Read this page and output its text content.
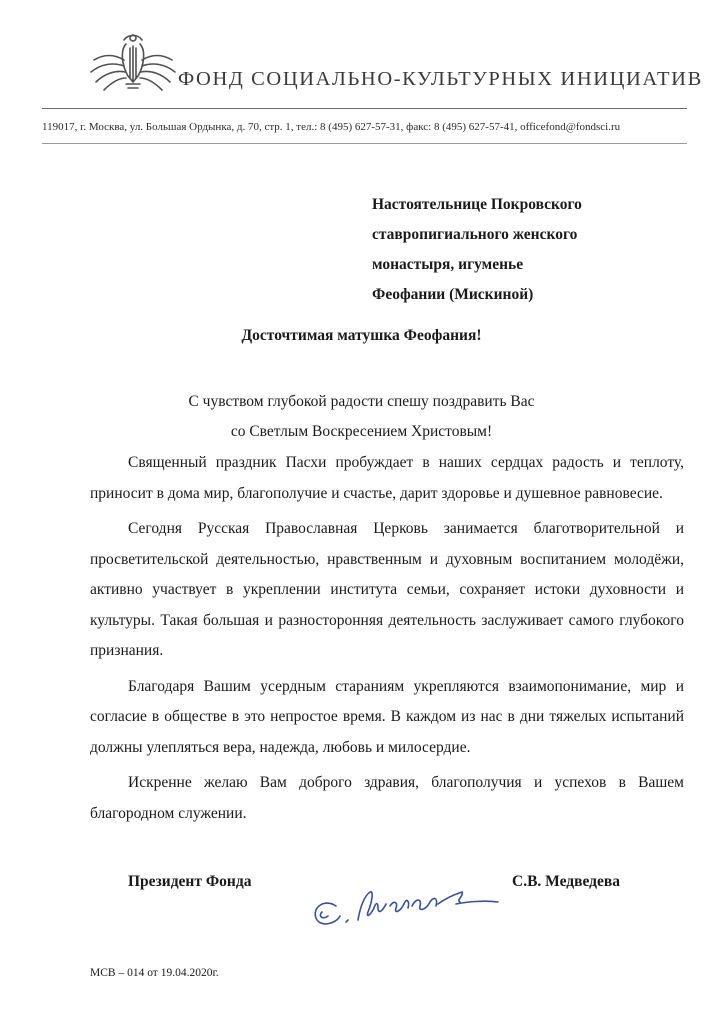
ФОНД СОЦИАЛЬНО-КУЛЬТУРНЫХ ИНИЦИАТИВ
119017, г. Москва, ул. Большая Ордынка, д. 70, стр. 1, тел.: 8 (495) 627-57-31, факс: 8 (495) 627-57-41, officefond@fondsci.ru
Настоятельнице Покровского
ставропигиального женского
монастыря, игуменье
Феофании (Мискиной)
Досточтимая матушка Феофания!
С чувством глубокой радости спешу поздравить Вас
со Светлым Воскресением Христовым!

Священный праздник Пасхи пробуждает в наших сердцах радость и теплоту, приносит в дома мир, благополучие и счастье, дарит здоровье и душевное равновесие.

Сегодня Русская Православная Церковь занимается благотворительной и просветительской деятельностью, нравственным и духовным воспитанием молодёжи, активно участвует в укреплении института семьи, сохраняет истоки духовности и культуры. Такая большая и разносторонняя деятельность заслуживает самого глубокого признания.

Благодаря Вашим усердным стараниям укрепляются взаимопонимание, мир и согласие в обществе в это непростое время. В каждом из нас в дни тяжелых испытаний должны улепляться вера, надежда, любовь и милосердие.

Искренне желаю Вам доброго здравия, благополучия и успехов в Вашем благородном служении.

Президент Фонда	С.В. Медведева
МСВ – 014 от 19.04.2020г.
